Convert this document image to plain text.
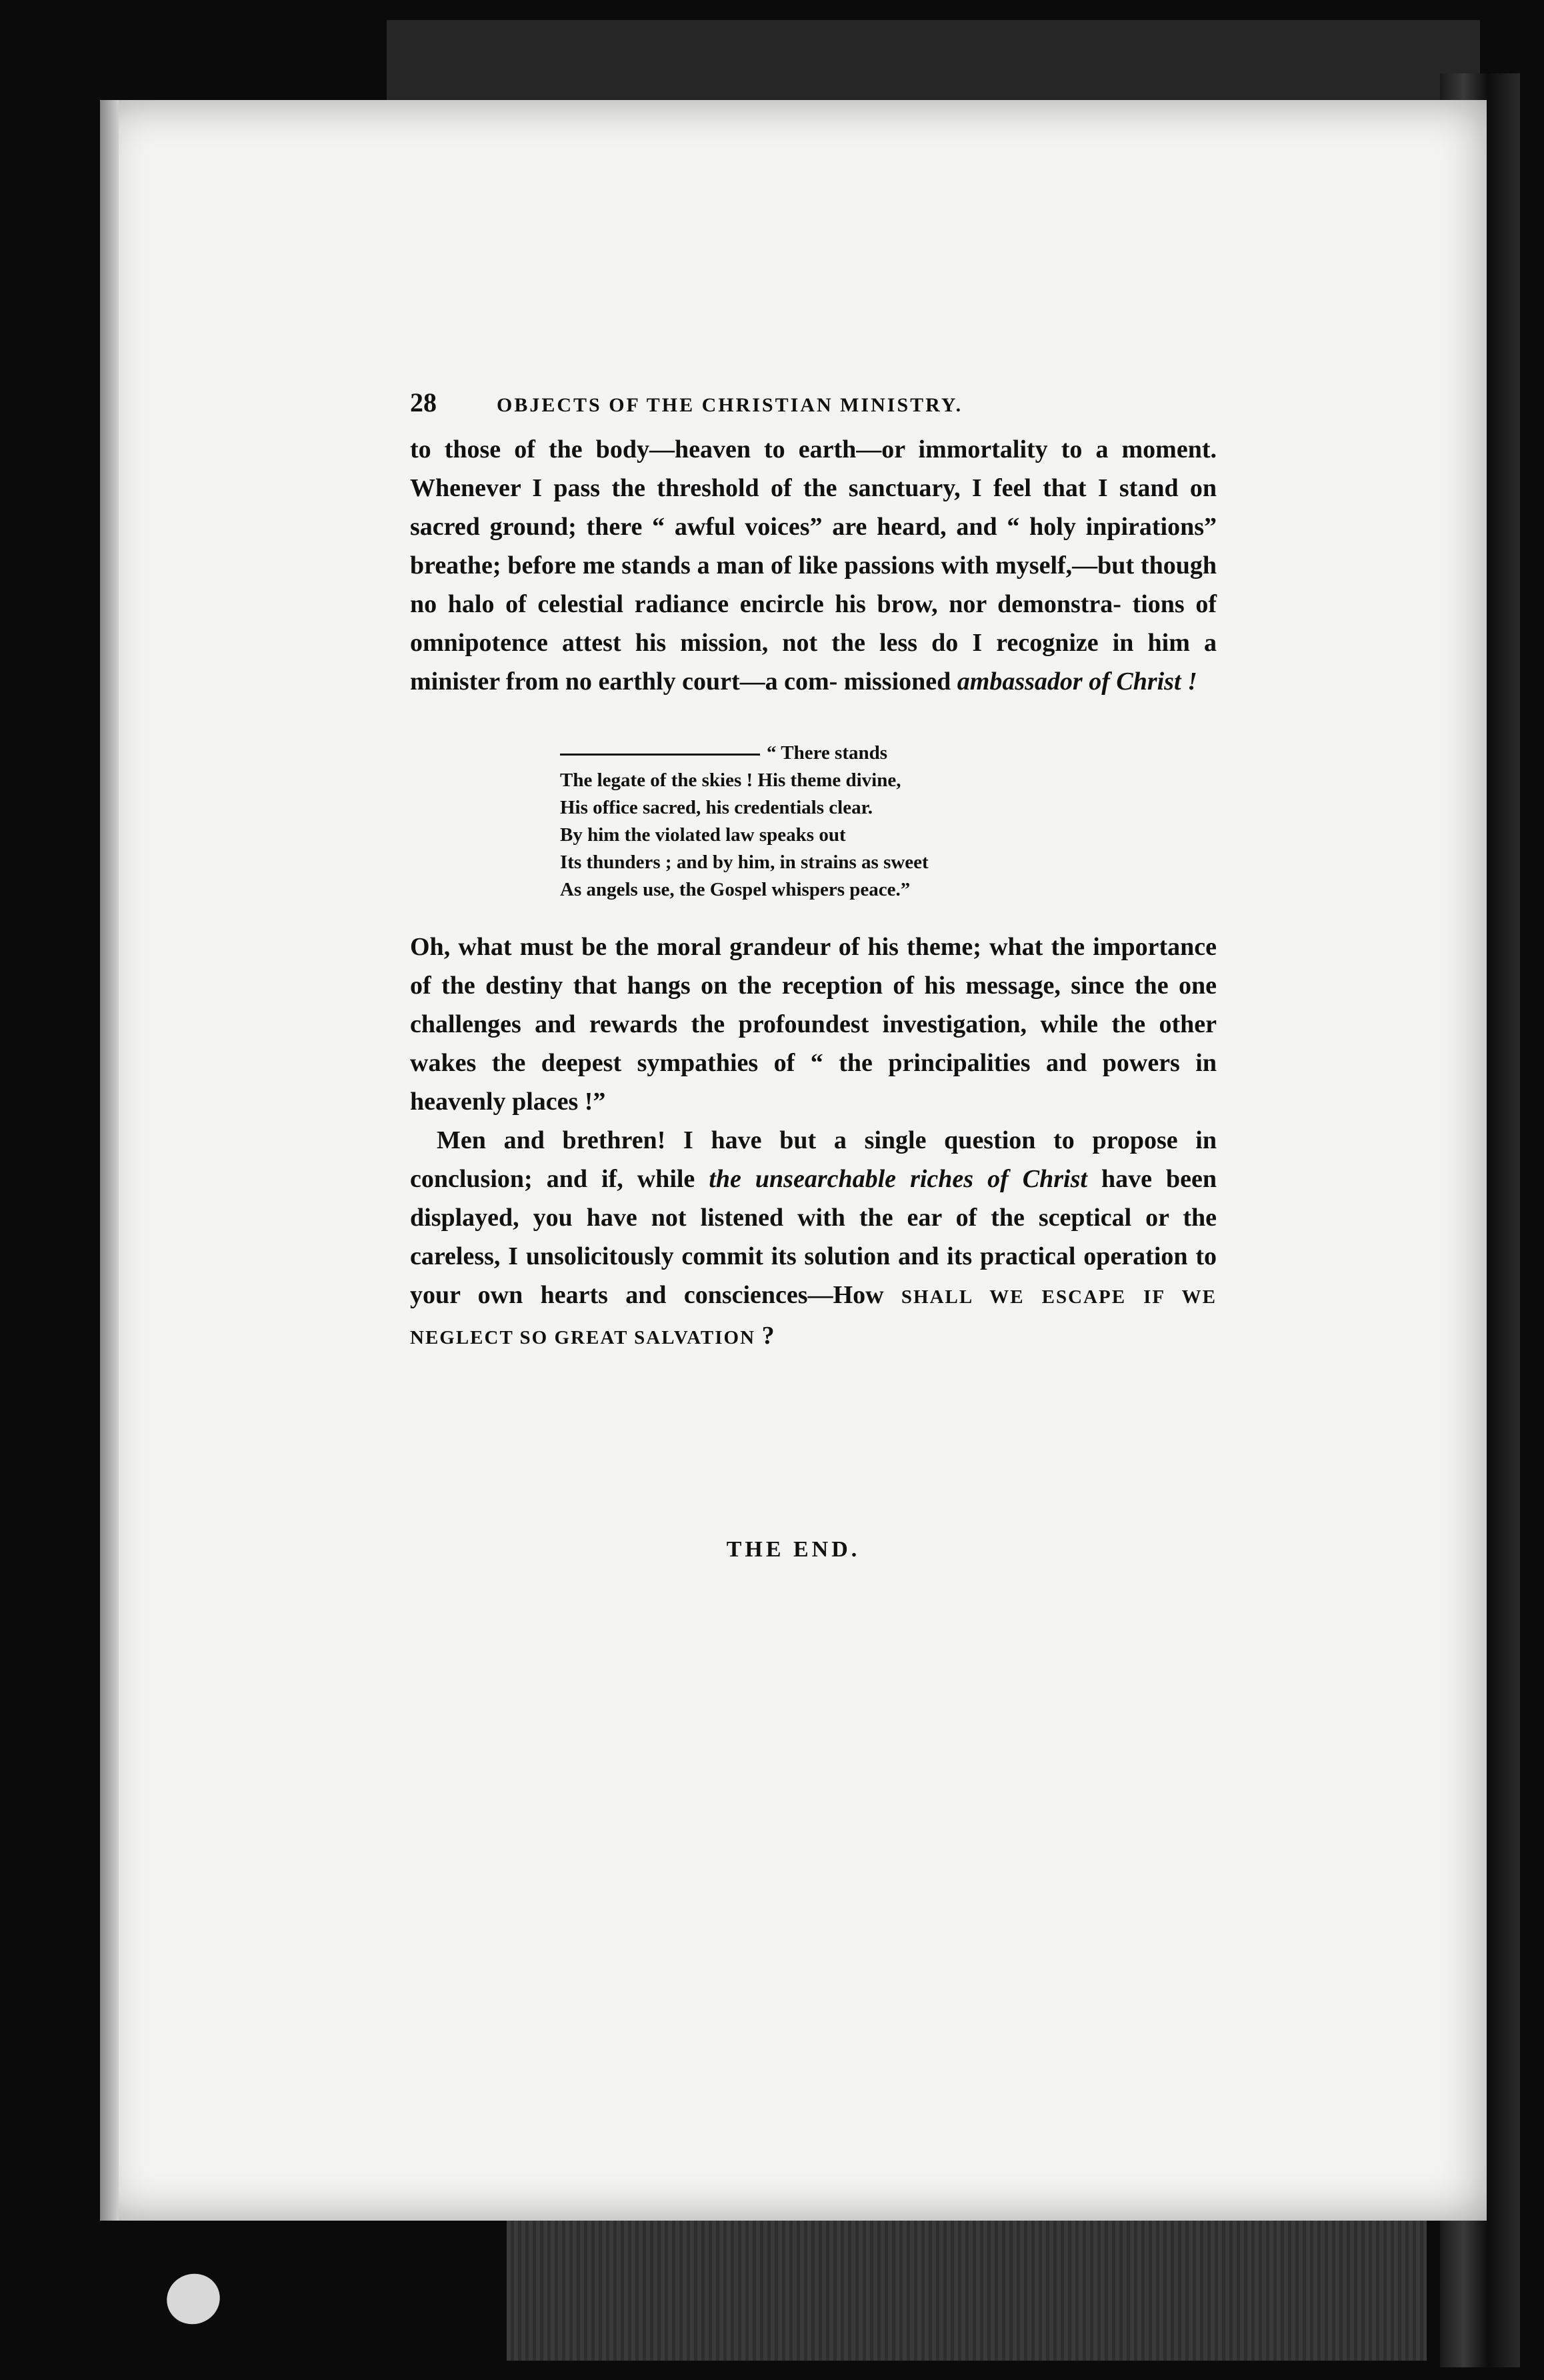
28	OBJECTS OF THE CHRISTIAN MINISTRY.

to those of the body—heaven to earth—or immortality to a moment. Whenever I pass the threshold of the sanctuary, I feel that I stand on sacred ground; there “ awful voices” are heard, and “ holy inpirations” breathe; before me stands a man of like passions with myself,—but though no halo of celestial radiance encircle his brow, nor demonstra- tions of omnipotence attest his mission, not the less do I recognize in him a minister from no earthly court—a com- missioned ambassador of Christ !

“ There stands
The legate of the skies ! His theme divine,
His office sacred, his credentials clear.
By him the violated law speaks out
Its thunders ; and by him, in strains as sweet
As angels use, the Gospel whispers peace.”

Oh, what must be the moral grandeur of his theme; what the importance of the destiny that hangs on the reception of his message, since the one challenges and rewards the profoundest investigation, while the other wakes the deepest sympathies of “ the principalities and powers in heavenly places !”

Men and brethren! I have but a single question to propose in conclusion; and if, while the unsearchable riches of Christ have been displayed, you have not listened with the ear of the sceptical or the careless, I unsolicitously commit its solution and its practical operation to your own hearts and consciences—How SHALL WE ESCAPE IF WE NEGLECT SO GREAT SALVATION ?

THE END.
